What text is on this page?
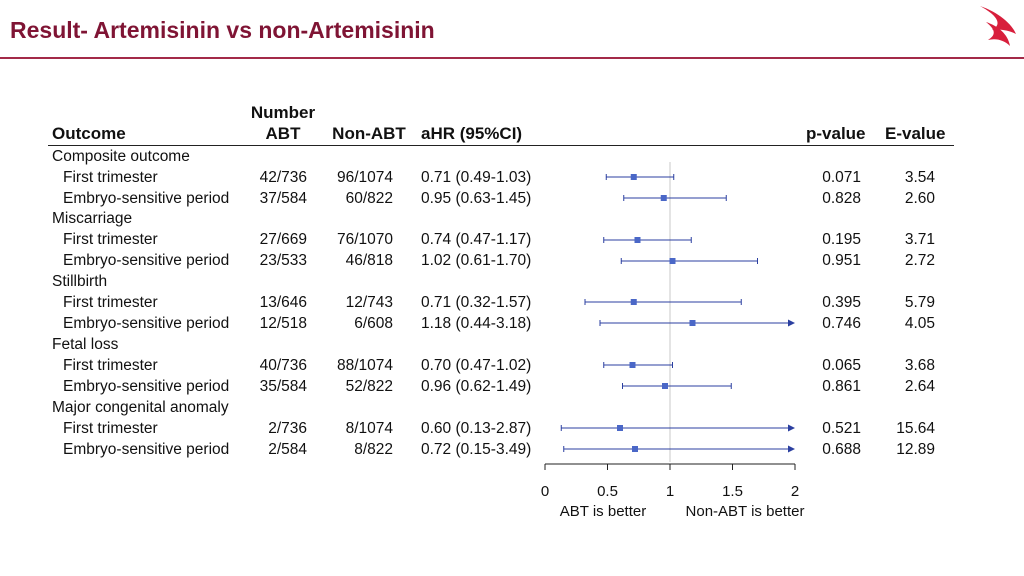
Result- Artemisinin vs non-Artemisinin
Number
Outcome	ABT Non-ABT aHR (95%CI)	p-value E-value
Composite outcome
First trimester	42/736 96/1074 0.71 (0.49-1.03)	0.071	3.54
Embryo-sensitive period 37/584 60/822 0.95 (0.63-1.45)	0.828	2.60
Miscarriage
First trimester	27/669 76/1070 0.74 (0.47-1.17)	0.195	3.71
Embryo-sensitive period 23/533 46/818 1.02 (0.61-1.70)	0.951	2.72
Stillbirth
First trimester	13/646 12/743 0.71 (0.32-1.57)	0.395	5.79
Embryo-sensitive period 12/518	6/608 1.18 (0.44-3.18)	0.746	4.05
Fetal loss
First trimester	40/736 88/1074 0.70 (0.47-1.02)	0.065	3.68
Embryo-sensitive period 35/584 52/822 0.96 (0.62-1.49)	0.861	2.64
Major congenital anomaly
First trimester	2/736 8/1074 0.60 (0.13-2.87)	0.521 15.64
Embryo-sensitive period	2/584	8/822 0.72 (0.15-3.49)	0.688 12.89
0	0.5	1	1.5	2
ABT is better	Non-ABT is better
